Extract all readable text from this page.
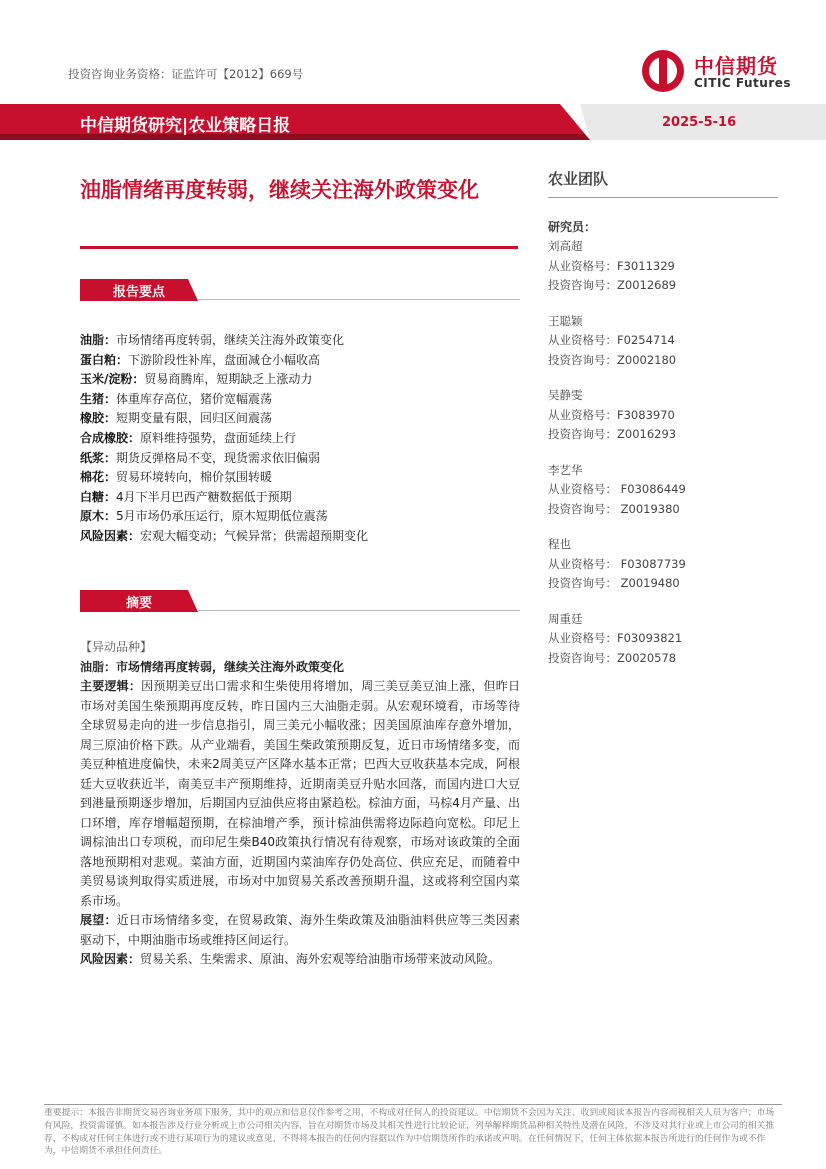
投资咨询业务资格：证监许可【2012】669号	中信期货
CITIC Futures
中信期货研究|农业策略日报	2025-5-16
油脂情绪再度转弱，继续关注海外政策变化
报告要点
油脂：市场情绪再度转弱，继续关注海外政策变化
蛋白粕：下游阶段性补库，盘面减仓小幅收高
玉米/淀粉：贸易商腾库，短期缺乏上涨动力
生猪：体重库存高位，猪价宽幅震荡
橡胶：短期变量有限，回归区间震荡
合成橡胶：原料维持强势，盘面延续上行
纸浆：期货反弹格局不变，现货需求依旧偏弱
棉花：贸易环境转向，棉价氛围转暖
白糖：4月下半月巴西产糖数据低于预期
原木：5月市场仍承压运行，原木短期低位震荡
风险因素：宏观大幅变动；气候异常；供需超预期变化
摘要
【异动品种】
油脂：市场情绪再度转弱，继续关注海外政策变化
主要逻辑：因预期美豆出口需求和生柴使用将增加，周三美豆美豆油上涨，但昨日市场对美国生柴预期再度反转，昨日国内三大油脂走弱。从宏观环境看，市场等待全球贸易走向的进一步信息指引，周三美元小幅收涨；因美国原油库存意外增加，周三原油价格下跌。从产业端看，美国生柴政策预期反复，近日市场情绪多变，而美豆种植进度偏快，未来2周美豆产区降水基本正常；巴西大豆收获基本完成，阿根廷大豆收获近半，南美豆丰产预期维持，近期南美豆升贴水回落，而国内进口大豆到港量预期逐步增加，后期国内豆油供应将由紧趋松。棕油方面，马棕4月产量、出口环增，库存增幅超预期，在棕油增产季，预计棕油供需将边际趋向宽松。印尼上调棕油出口专项税，而印尼生柴B40政策执行情况有待观察，市场对该政策的全面落地预期相对悲观。菜油方面，近期国内菜油库存仍处高位、供应充足，而随着中美贸易谈判取得实质进展，市场对中加贸易关系改善预期升温，这或将利空国内菜系市场。
展望：近日市场情绪多变，在贸易政策、海外生柴政策及油脂油料供应等三类因素驱动下，中期油脂市场或维持区间运行。
风险因素：贸易关系、生柴需求、原油、海外宏观等给油脂市场带来波动风险。
农业团队
研究员：
刘高超
从业资格号：F3011329
投资咨询号：Z0012689
王聪颖
从业资格号：F0254714
投资咨询号：Z0002180
吴静雯
从业资格号：F3083970
投资咨询号：Z0016293
李艺华
从业资格号： F03086449
投资咨询号： Z0019380
程也
从业资格号： F03087739
投资咨询号： Z0019480
周重廷
从业资格号：F03093821
投资咨询号：Z0020578
重要提示：本报告非期货交易咨询业务项下服务，其中的观点和信息仅作参考之用，不构成对任何人的投资建议。中信期货不会因为关注、收到或阅读本报告内容而视相关人员为客户；市场有风险，投资需谨慎。如本报告涉及行业分析或上市公司相关内容，旨在对期货市场及其相关性进行比较论证，列举解释期货品种相关特性及潜在风险，不涉及对其行业或上市公司的相关推荐，不构成对任何主体进行或不进行某项行为的建议或意见，不得将本报告的任何内容据以作为中信期货所作的承诺或声明。在任何情况下，任何主体依据本报告所进行的任何作为或不作为，中信期货不承担任何责任。
